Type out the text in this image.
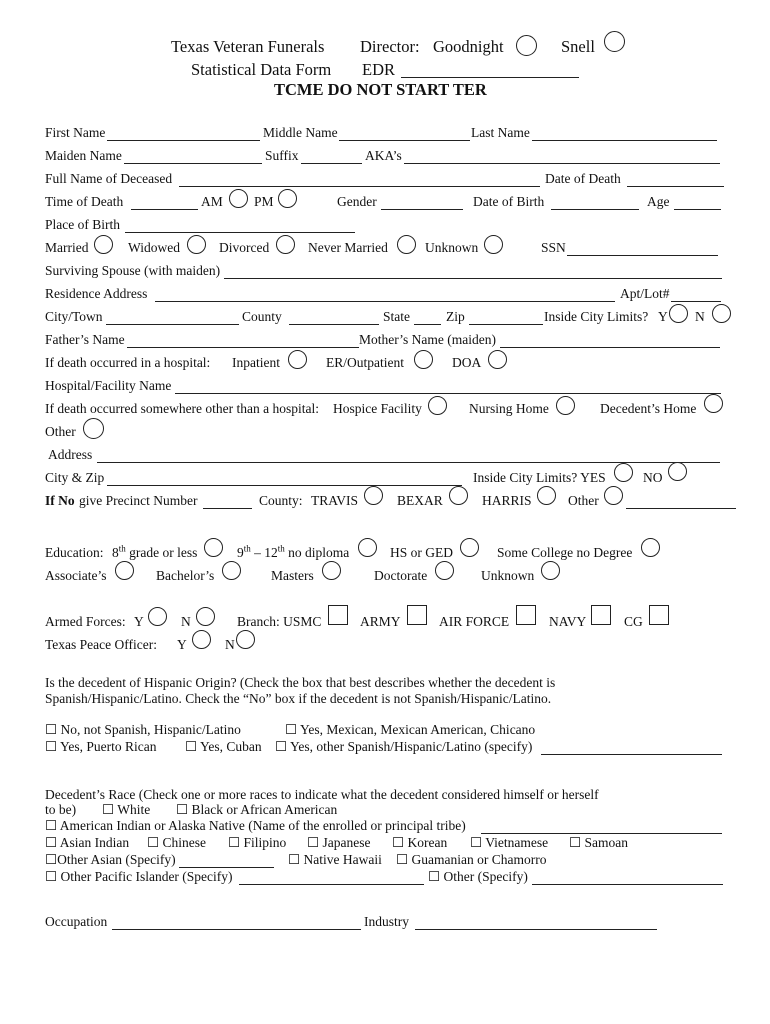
Texas Veteran Funerals Director: Goodnight	Snell
Statistical Data Form EDR
TCME DO NOT START TER
First Name	Middle Name	Last Name
Maiden Name	Suffix	AKA’s
Full Name of Deceased	Date of Death
Time of Death	AM PM	Gender	Date of Birth	Age
Place of Birth
Married	Widowed	Divorced	Never Married	Unknown	SSN
Surviving Spouse (with maiden)
Residence Address	Apt/Lot#
City/Town	County	State	Zip	Inside City Limits? Y N
Father’s Name	Mother’s Name (maiden)
If death occurred in a hospital: Inpatient	ER/Outpatient	DOA
Hospital/Facility Name
If death occurred somewhere other than a hospital: Hospice Facility	Nursing Home	Decedent’s Home
Other
Address
City & Zip	Inside City Limits? YES	NO
If No give Precinct Number	County: TRAVIS	BEXAR	HARRIS	Other
Education: 8th grade or less	9th – 12th no diploma	HS or GED	Some College no Degree
Associate’s	Bachelor’s	Masters	Doctorate	Unknown
Armed Forces: Y	N	Branch: USMC	ARMY	AIR FORCE	NAVY	CG
Texas Peace Officer: Y	N
Is the decedent of Hispanic Origin? (Check the box that best describes whether the decedent is
Spanish/Hispanic/Latino. Check the “No” box if the decedent is not Spanish/Hispanic/Latino.
☐ No, not Spanish, Hispanic/Latino	☐ Yes, Mexican, Mexican American, Chicano
☐ Yes, Puerto Rican ☐ Yes, Cuban ☐ Yes, other Spanish/Hispanic/Latino (specify)
Decedent’s Race (Check one or more races to indicate what the decedent considered himself or herself
to be) ☐ White ☐ Black or African American
☐ American Indian or Alaska Native (Name of the enrolled or principal tribe)
☐ Asian Indian ☐ Chinese ☐ Filipino ☐ Japanese ☐ Korean ☐ Vietnamese ☐ Samoan
☐Other Asian (Specify)	☐ Native Hawaii ☐ Guamanian or Chamorro
☐ Other Pacific Islander (Specify)	☐ Other (Specify)
Occupation	Industry
